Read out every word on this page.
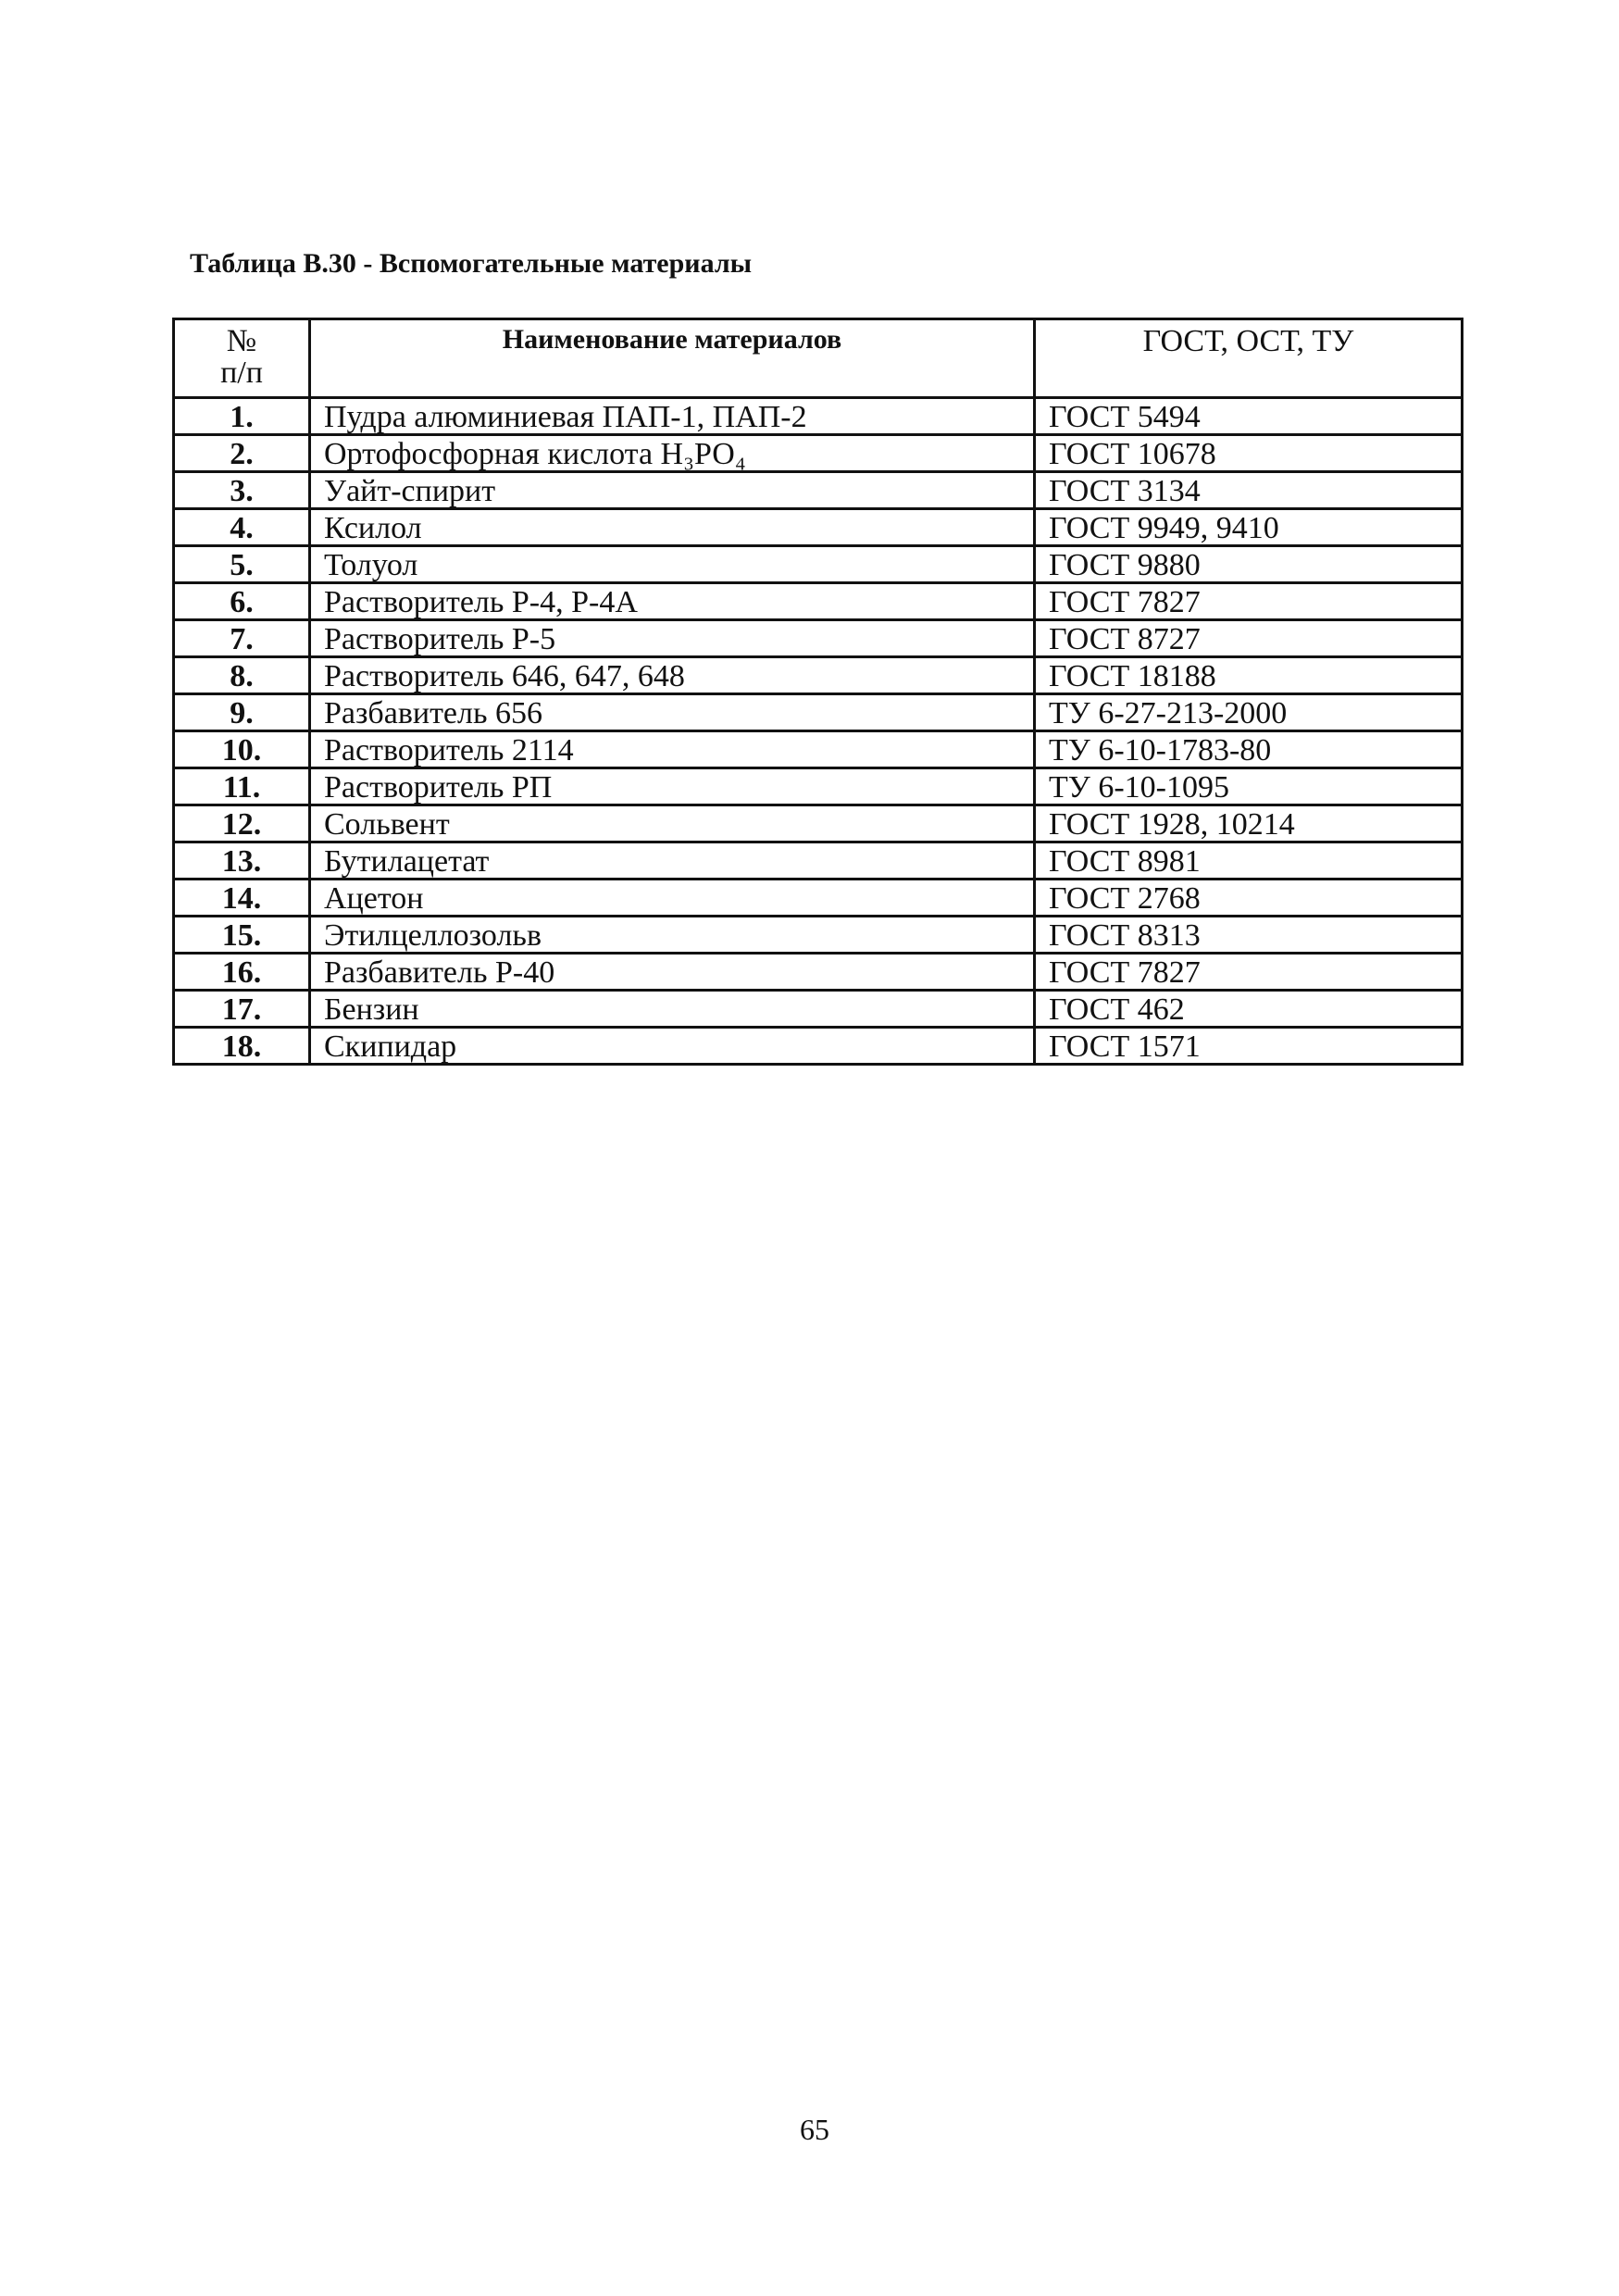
Таблица В.30 - Вспомогательные материалы
№
п/п	Наименование материалов	ГОСТ, ОСТ, ТУ
1.	Пудра алюминиевая ПАП-1, ПАП-2	ГОСТ 5494
2.	Ортофосфорная кислота Н₃РО₄	ГОСТ 10678
3.	Уайт-спирит	ГОСТ 3134
4.	Ксилол	ГОСТ 9949, 9410
5.	Толуол	ГОСТ 9880
6.	Растворитель Р-4, Р-4А	ГОСТ 7827
7.	Растворитель Р-5	ГОСТ 8727
8.	Растворитель 646, 647, 648	ГОСТ 18188
9.	Разбавитель 656	ТУ 6-27-213-2000
10.	Растворитель 2114	ТУ 6-10-1783-80
11.	Растворитель РП	ТУ 6-10-1095
12.	Сольвент	ГОСТ 1928, 10214
13.	Бутилацетат	ГОСТ 8981
14.	Ацетон	ГОСТ 2768
15.	Этилцеллозольв	ГОСТ 8313
16.	Разбавитель Р-40	ГОСТ 7827
17.	Бензин	ГОСТ 462
18.	Скипидар	ГОСТ 1571
65
